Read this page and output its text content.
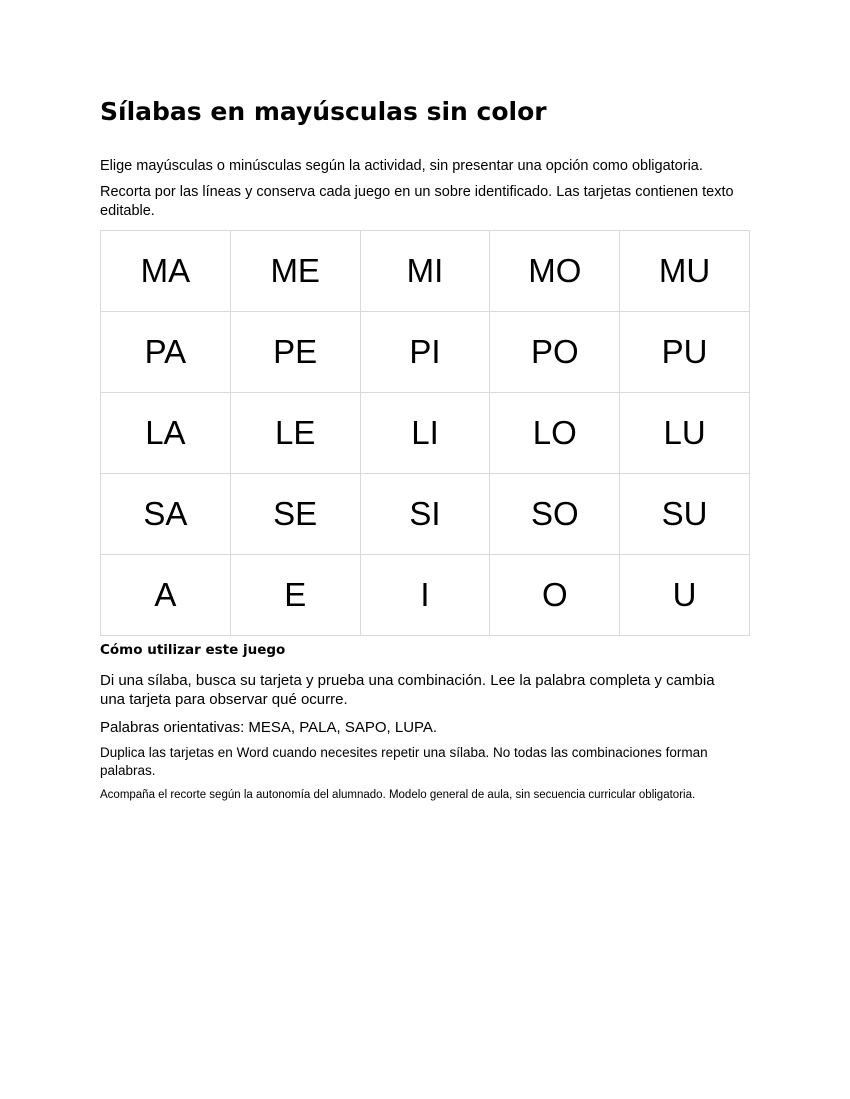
Sílabas en mayúsculas sin color

Elige mayúsculas o minúsculas según la actividad, sin presentar una opción como obligatoria.

Recorta por las líneas y conserva cada juego en un sobre identificado. Las tarjetas contienen texto editable.

MA	ME	MI	MO	MU
PA	PE	PI	PO	PU
LA	LE	LI	LO	LU
SA	SE	SI	SO	SU
A	E	I	O	U
Cómo utilizar este juego

Di una sílaba, busca su tarjeta y prueba una combinación. Lee la palabra completa y cambia una tarjeta para observar qué ocurre.

Palabras orientativas: MESA, PALA, SAPO, LUPA.

Duplica las tarjetas en Word cuando necesites repetir una sílaba. No todas las combinaciones forman palabras.

Acompaña el recorte según la autonomía del alumnado. Modelo general de aula, sin secuencia curricular obligatoria.
